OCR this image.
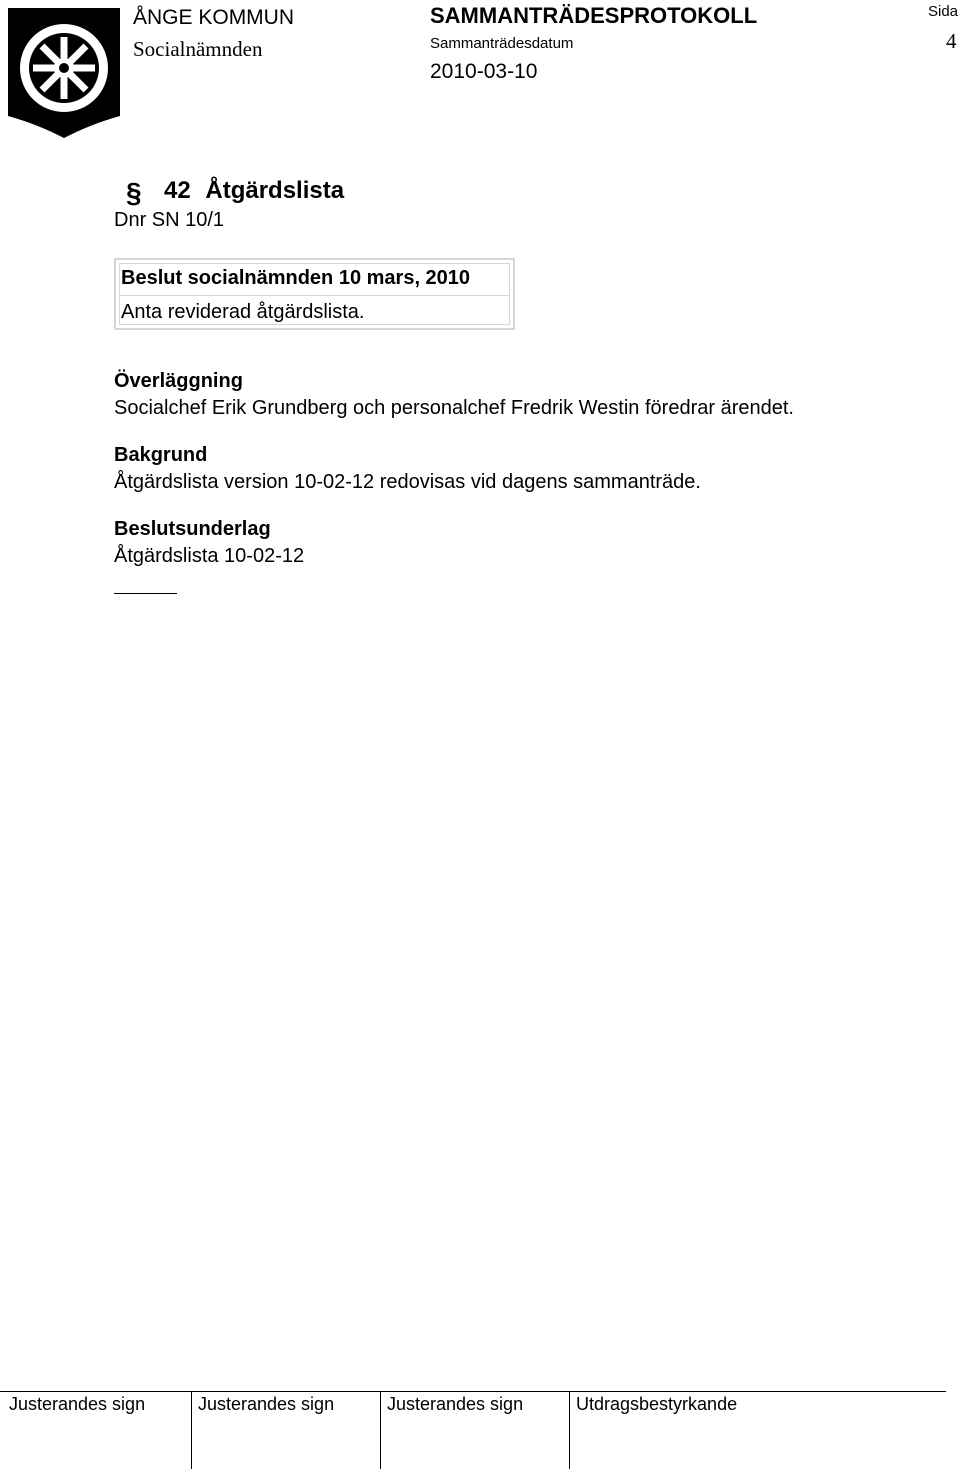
ÅNGE KOMMUN
Socialnämnden
SAMMANTRÄDESPROTOKOLL
Sammanträdesdatum
2010-03-10
Sida
4
§ 42 Åtgärdslista
Dnr SN 10/1
Beslut socialnämnden 10 mars, 2010
Anta reviderad åtgärdslista.
Överläggning
Socialchef Erik Grundberg och personalchef Fredrik Westin föredrar ärendet.
Bakgrund
Åtgärdslista version 10-02-12 redovisas vid dagens sammanträde.
Beslutsunderlag
Åtgärdslista 10-02-12
Justerandes sign	Justerandes sign	Justerandes sign	Utdragsbestyrkande
